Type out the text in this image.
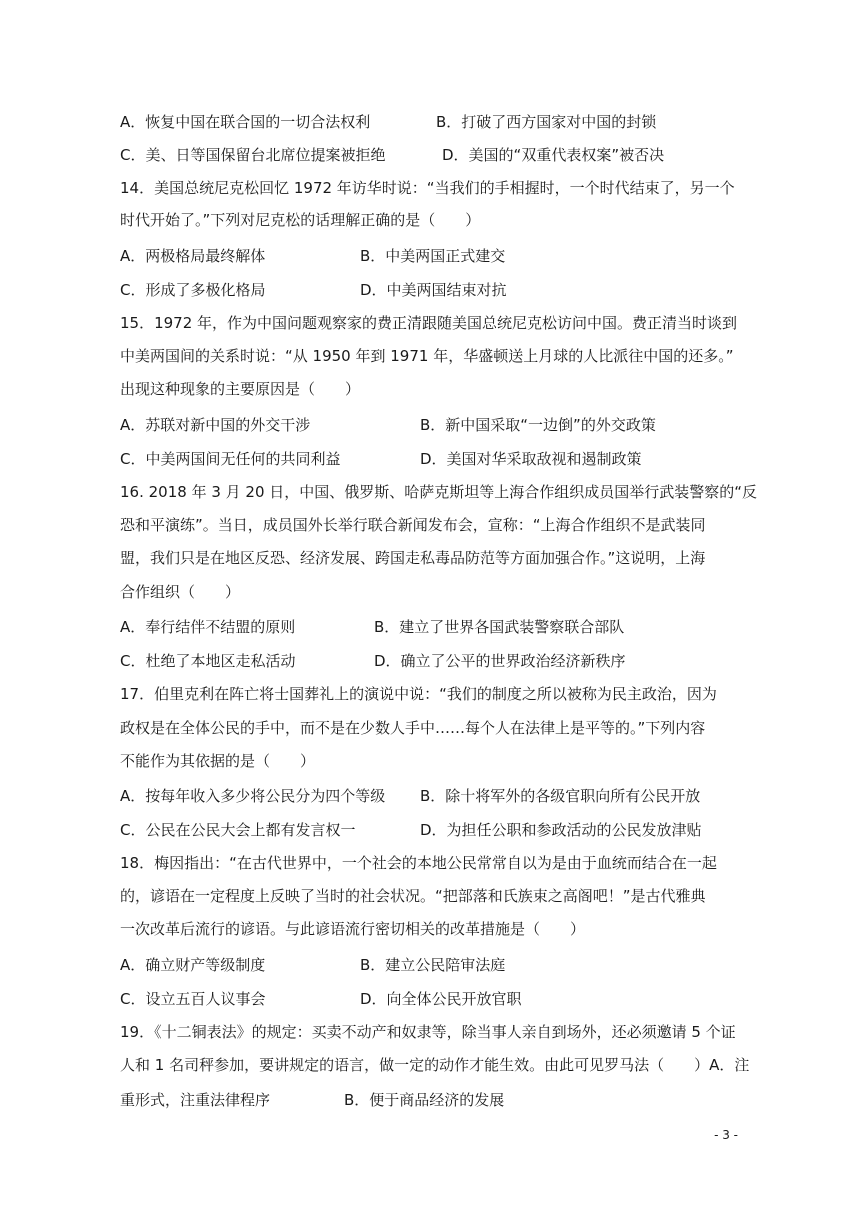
A．恢复中国在联合国的一切合法权利	B．打破了西方国家对中国的封锁
C．美、日等国保留台北席位提案被拒绝	D．美国的“双重代表权案”被否决
14．美国总统尼克松回忆 1972 年访华时说：“当我们的手相握时，一个时代结束了，另一个
时代开始了。”下列对尼克松的话理解正确的是（　　）
A．两极格局最终解体	B．中美两国正式建交
C．形成了多极化格局	D．中美两国结束对抗
15．1972 年，作为中国问题观察家的费正清跟随美国总统尼克松访问中国。费正清当时谈到
中美两国间的关系时说：“从 1950 年到 1971 年，华盛顿送上月球的人比派往中国的还多。”
出现这种现象的主要原因是（　　）
A．苏联对新中国的外交干涉	B．新中国采取“一边倒”的外交政策
C．中美两国间无任何的共同利益	D．美国对华采取敌视和遏制政策
16. 2018 年 3 月 20 日，中国、俄罗斯、哈萨克斯坦等上海合作组织成员国举行武装警察的“反
恐和平演练”。当日，成员国外长举行联合新闻发布会，宣称：“上海合作组织不是武装同
盟，我们只是在地区反恐、经济发展、跨国走私毒品防范等方面加强合作。”这说明，上海
合作组织（　　）
A．奉行结伴不结盟的原则	B．建立了世界各国武装警察联合部队
C．杜绝了本地区走私活动	D．确立了公平的世界政治经济新秩序
17．伯里克利在阵亡将士国葬礼上的演说中说：“我们的制度之所以被称为民主政治，因为
政权是在全体公民的手中，而不是在少数人手中……每个人在法律上是平等的。”下列内容
不能作为其依据的是（　　）
A．按每年收入多少将公民分为四个等级 B．除十将军外的各级官职向所有公民开放
C．公民在公民大会上都有发言权一	D．为担任公职和参政活动的公民发放津贴
18．梅因指出：“在古代世界中，一个社会的本地公民常常自以为是由于血统而结合在一起
的，谚语在一定程度上反映了当时的社会状况。“把部落和氏族束之高阁吧！”是古代雅典
一次改革后流行的谚语。与此谚语流行密切相关的改革措施是（　　）
A．确立财产等级制度	B．建立公民陪审法庭
C．设立五百人议事会	D．向全体公民开放官职
19．《十二铜表法》的规定：买卖不动产和奴隶等，除当事人亲自到场外，还必须邀请 5 个证
人和 1 名司秤参加，要讲规定的语言，做一定的动作才能生效。由此可见罗马法（　　）A．注
重形式，注重法律程序	B．便于商品经济的发展
- 3 -
